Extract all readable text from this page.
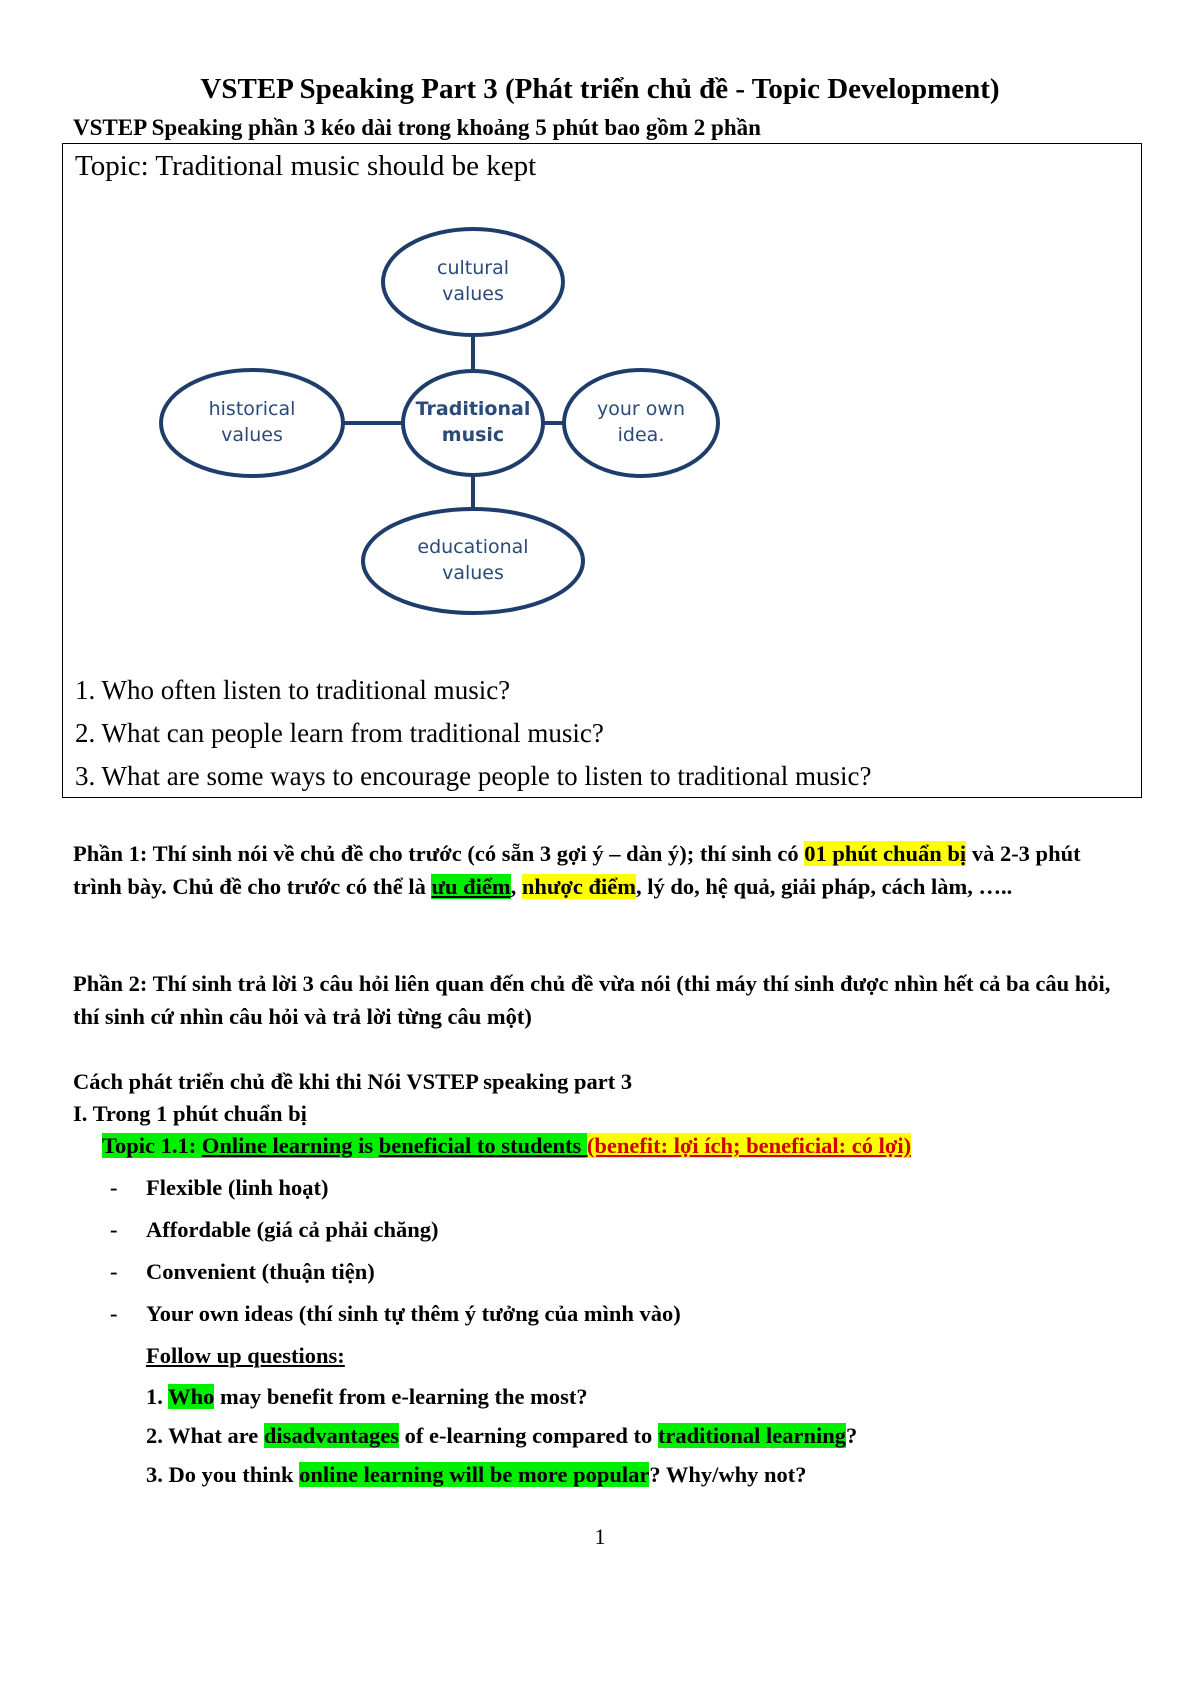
VSTEP Speaking Part 3 (Phát triển chủ đề - Topic Development)
VSTEP Speaking phần 3 kéo dài trong khoảng 5 phút bao gồm 2 phần
Topic: Traditional music should be kept
cultural
values
Traditional
music
historical
values
your own
idea.
educational
values
1. Who often listen to traditional music?
2. What can people learn from traditional music?
3. What are some ways to encourage people to listen to traditional music?
Phần 1: Thí sinh nói về chủ đề cho trước (có sẵn 3 gợi ý – dàn ý); thí sinh có 01 phút chuẩn bị và 2-3 phút trình bày. Chủ đề cho trước có thể là ưu điểm, nhược điểm, lý do, hệ quả, giải pháp, cách làm, …..
Phần 2: Thí sinh trả lời 3 câu hỏi liên quan đến chủ đề vừa nói (thi máy thí sinh được nhìn hết cả ba câu hỏi, thí sinh cứ nhìn câu hỏi và trả lời từng câu một)
Cách phát triển chủ đề khi thi Nói VSTEP speaking part 3
I. Trong 1 phút chuẩn bị
Topic 1.1: Online learning is beneficial to students (benefit: lợi ích; beneficial: có lợi)
- Flexible (linh hoạt)
- Affordable (giá cả phải chăng)
- Convenient (thuận tiện)
- Your own ideas (thí sinh tự thêm ý tưởng của mình vào)
Follow up questions:
1. Who may benefit from e-learning the most?
2. What are disadvantages of e-learning compared to traditional learning?
3. Do you think online learning will be more popular? Why/why not?
1
